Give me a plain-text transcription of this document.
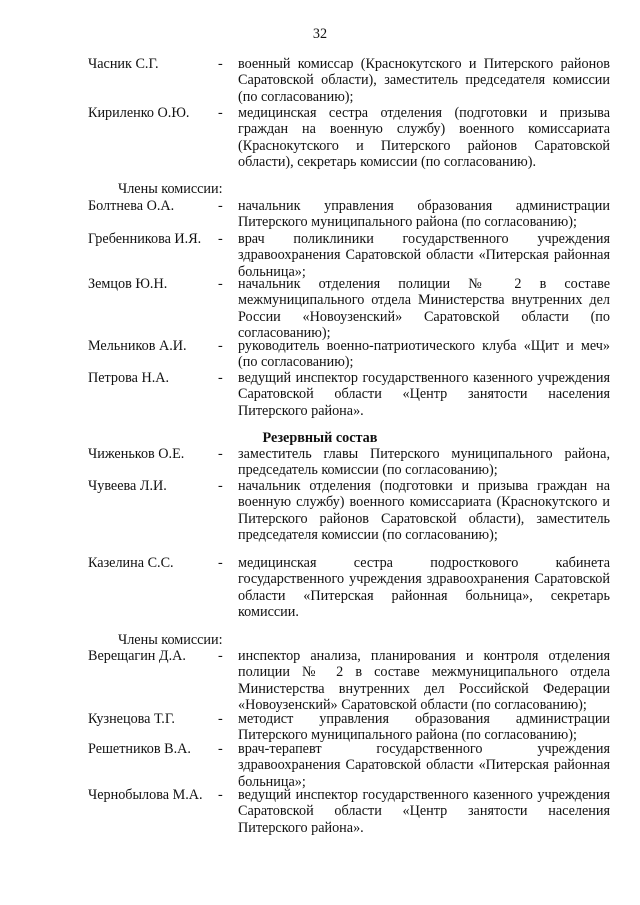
32
Часник С.Г.	- военный комиссар (Краснокутского и Питерского районов Саратовской области), заместитель председателя комиссии (по согласованию);
Кириленко О.Ю. - медицинская сестра отделения (подготовки и призыва граждан на военную службу) военного комиссариата (Краснокутского и Питерского районов Саратовской области), секретарь комиссии (по согласованию).
Члены комиссии:
Болтнева О.А.	- начальник управления образования администрации Питерского муниципального района (по согласованию);
Гребенникова И.Я. - врач поликлиники государственного учреждения здравоохранения Саратовской области «Питерская районная больница»;
Земцов Ю.Н.	- начальник отделения полиции № 2 в составе межмуниципального отдела Министерства внутренних дел России «Новоузенский» Саратовской области (по согласованию);
Мельников А.И. - руководитель военно-патриотического клуба «Щит и меч» (по согласованию);
Петрова Н.А.	- ведущий инспектор государственного казенного учреждения Саратовской области «Центр занятости населения Питерского района».
Резервный состав
Чиженьков О.Е. - заместитель главы Питерского муниципального района, председатель комиссии (по согласованию);
Чувеева Л.И.	- начальник отделения (подготовки и призыва граждан на военную службу) военного комиссариата (Краснокутского и Питерского районов Саратовской области), заместитель председателя комиссии (по согласованию);
Казелина С.С.	- медицинская сестра подросткового кабинета государственного учреждения здравоохранения Саратовской области «Питерская районная больница», секретарь комиссии.
Члены комиссии:
Верещагин Д.А. - инспектор анализа, планирования и контроля отделения полиции № 2 в составе межмуниципального отдела Министерства внутренних дел Российской Федерации «Новоузенский» Саратовской области (по согласованию);
Кузнецова Т.Г.	- методист управления образования администрации Питерского муниципального района (по согласованию);
Решетников В.А. - врач-терапевт государственного учреждения здравоохранения Саратовской области «Питерская районная больница»;
Чернобылова М.А. - ведущий инспектор государственного казенного учреждения Саратовской области «Центр занятости населения Питерского района».
